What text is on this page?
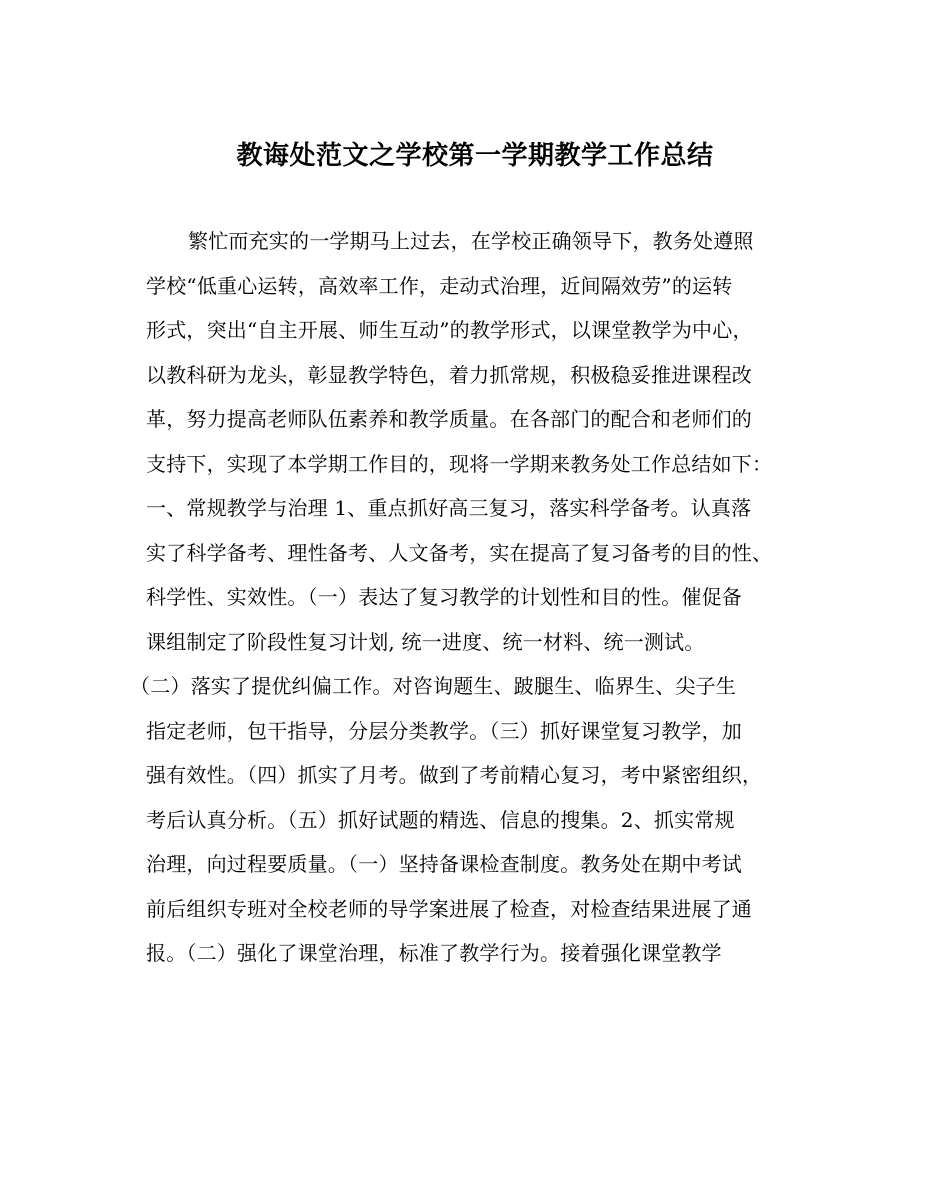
教诲处范文之学校第一学期教学工作总结
繁忙而充实的一学期马上过去，在学校正确领导下，教务处遵照
学校“低重心运转，高效率工作，走动式治理，近间隔效劳”的运转
形式，突出“自主开展、师生互动”的教学形式，以课堂教学为中心，
以教科研为龙头，彰显教学特色，着力抓常规，积极稳妥推进课程改
革，努力提高老师队伍素养和教学质量。在各部门的配合和老师们的
支持下，实现了本学期工作目的，现将一学期来教务处工作总结如下：
一、常规教学与治理 1、重点抓好高三复习，落实科学备考。认真落
实了科学备考、理性备考、人文备考，实在提高了复习备考的目的性、
科学性、实效性。（一）表达了复习教学的计划性和目的性。催促备
课组制定了阶段性复习计划, 统一进度、统一材料、统一测试。
（二）落实了提优纠偏工作。对咨询题生、跛腿生、临界生、尖子生
指定老师，包干指导，分层分类教学。（三）抓好课堂复习教学，加
强有效性。（四）抓实了月考。做到了考前精心复习，考中紧密组织，
考后认真分析。（五）抓好试题的精选、信息的搜集。2、抓实常规
治理，向过程要质量。（一）坚持备课检查制度。教务处在期中考试
前后组织专班对全校老师的导学案进展了检查，对检查结果进展了通
报。（二）强化了课堂治理，标准了教学行为。接着强化课堂教学
